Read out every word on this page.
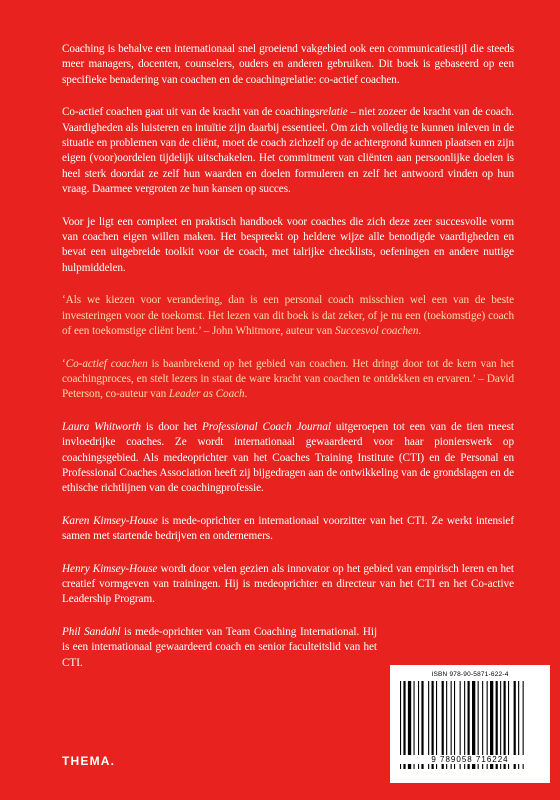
Coaching is behalve een internationaal snel groeiend vakgebied ook een communicatiestijl die steeds meer managers, docenten, counselers, ouders en anderen gebruiken. Dit boek is gebaseerd op een specifieke benadering van coachen en de coachingrelatie: co-actief coachen.

Co-actief coachen gaat uit van de kracht van de coachingsrelatie – niet zozeer de kracht van de coach. Vaardigheden als luisteren en intuïtie zijn daarbij essentieel. Om zich volledig te kunnen inleven in de situatie en problemen van de cliënt, moet de coach zichzelf op de achtergrond kunnen plaatsen en zijn eigen (voor)oordelen tijdelijk uitschakelen. Het commitment van cliënten aan persoonlijke doelen is heel sterk doordat ze zelf hun waarden en doelen formuleren en zelf het antwoord vinden op hun vraag. Daarmee vergroten ze hun kansen op succes.

Voor je ligt een compleet en praktisch handboek voor coaches die zich deze zeer succesvolle vorm van coachen eigen willen maken. Het bespreekt op heldere wijze alle benodigde vaardigheden en bevat een uitgebreide toolkit voor de coach, met talrijke checklists, oefeningen en andere nuttige hulpmiddelen.

‘Als we kiezen voor verandering, dan is een personal coach misschien wel een van de beste investeringen voor de toekomst. Het lezen van dit boek is dat zeker, of je nu een (toekomstige) coach of een toekomstige cliënt bent.’ – John Whitmore, auteur van Succesvol coachen.

‘Co-actief coachen is baanbrekend op het gebied van coachen. Het dringt door tot de kern van het coachingproces, en stelt lezers in staat de ware kracht van coachen te ontdekken en ervaren.’ – David Peterson, co-auteur van Leader as Coach.

Laura Whitworth is door het Professional Coach Journal uitgeroepen tot een van de tien meest invloedrijke coaches. Ze wordt internationaal gewaardeerd voor haar pionierswerk op coachingsgebied. Als medeoprichter van het Coaches Training Institute (CTI) en de Personal en Professional Coaches Association heeft zij bijgedragen aan de ontwikkeling van de grondslagen en de ethische richtlijnen van de coachingprofessie.

Karen Kimsey-House is mede-oprichter en internationaal voorzitter van het CTI. Ze werkt intensief samen met startende bedrijven en ondernemers.

Henry Kimsey-House wordt door velen gezien als innovator op het gebied van empirisch leren en het creatief vormgeven van trainingen. Hij is medeoprichter en directeur van het CTI en het Co-active Leadership Program.

Phil Sandahl is mede-oprichter van Team Coaching International. Hij is een internationaal gewaardeerd coach en senior faculteitslid van het CTI.

ISBN 978-90-5871-622-4
9 789058 716224
THEMA.
